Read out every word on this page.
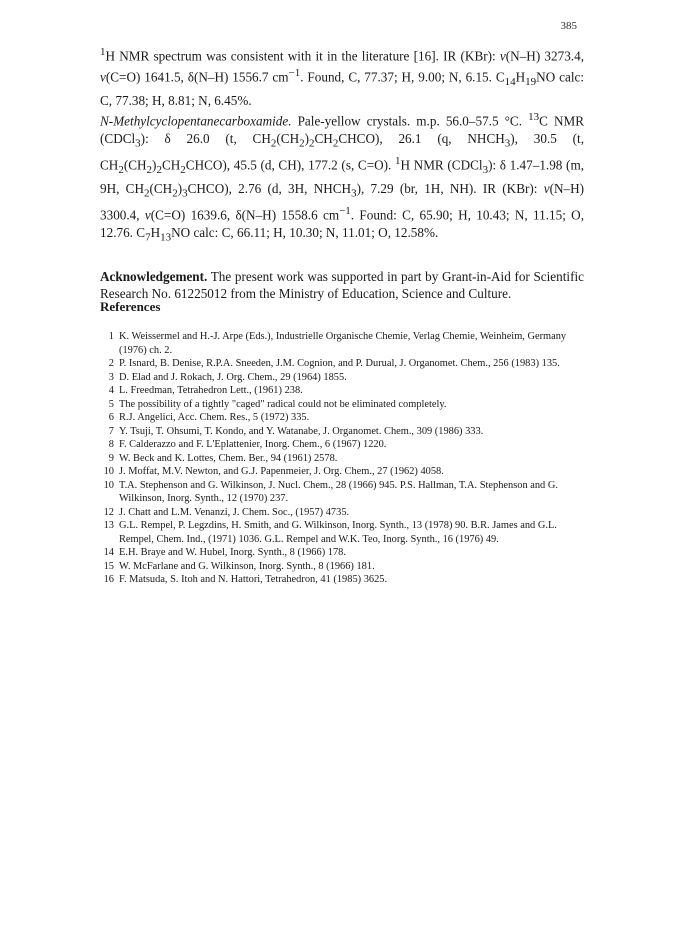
385

$^1$H NMR spectrum was consistent with it in the literature [16]. IR (KBr): ν(N–H) 3273.4, ν(C=O) 1641.5, δ(N–H) 1556.7 $cm^{-1}$. Found, C, 77.37; H, 9.00; N, 6.15. $C_{14}H_{19}NO$ calc: C, 77.38; H, 8.81; N, 6.45%.

N-Methylcyclopentanecarboxamide. Pale-yellow crystals. m.p. 56.0–57.5 °C. $^{13}$C NMR (CDCl$_3$): δ 26.0 (t, $CH_2(CH_2)_2CH_2CHCO$), 26.1 (q, $NHCH_3$), 30.5 (t, $CH_2(CH_2)_2CH_2CHCO$), 45.5 (d, CH), 177.2 (s, C=O). $^1$H NMR (CDCl$_3$): δ 1.47–1.98 (m, 9H, $CH_2(CH_2)_3CHCO$), 2.76 (d, 3H, $NHCH_3$), 7.29 (br, 1H, NH). IR (KBr): ν(N–H) 3300.4, ν(C=O) 1639.6, δ(N–H) 1558.6 $cm^{-1}$. Found: C, 65.90; H, 10.43; N, 11.15; O, 12.76. $C_7H_{13}NO$ calc: C, 66.11; H, 10.30; N, 11.01; O, 12.58%.

Acknowledgement. The present work was supported in part by Grant-in-Aid for Scientific Research No. 61225012 from the Ministry of Education, Science and Culture.

References
1 K. Weissermel and H.-J. Arpe (Eds.), Industrielle Organische Chemie, Verlag Chemie, Weinheim, Germany (1976) ch. 2.
2 P. Isnard, B. Denise, R.P.A. Sneeden, J.M. Cognion, and P. Durual, J. Organomet. Chem., 256 (1983) 135.
3 D. Elad and J. Rokach, J. Org. Chem., 29 (1964) 1855.
4 L. Freedman, Tetrahedron Lett., (1961) 238.
5 The possibility of a tightly "caged" radical could not be eliminated completely.
6 R.J. Angelici, Acc. Chem. Res., 5 (1972) 335.
7 Y. Tsuji, T. Ohsumi, T. Kondo, and Y. Watanabe, J. Organomet. Chem., 309 (1986) 333.
8 F. Calderazzo and F. L'Eplattenier, Inorg. Chem., 6 (1967) 1220.
9 W. Beck and K. Lottes, Chem. Ber., 94 (1961) 2578.
10 J. Moffat, M.V. Newton, and G.J. Papenmeier, J. Org. Chem., 27 (1962) 4058.
10 T.A. Stephenson and G. Wilkinson, J. Nucl. Chem., 28 (1966) 945. P.S. Hallman, T.A. Stephenson and G. Wilkinson, Inorg. Synth., 12 (1970) 237.
12 J. Chatt and L.M. Venanzi, J. Chem. Soc., (1957) 4735.
13 G.L. Rempel, P. Legzdins, H. Smith, and G. Wilkinson, Inorg. Synth., 13 (1978) 90. B.R. James and G.L. Rempel, Chem. Ind., (1971) 1036. G.L. Rempel and W.K. Teo, Inorg. Synth., 16 (1976) 49.
14 E.H. Braye and W. Hubel, Inorg. Synth., 8 (1966) 178.
15 W. McFarlane and G. Wilkinson, Inorg. Synth., 8 (1966) 181.
16 F. Matsuda, S. Itoh and N. Hattori, Tetrahedron, 41 (1985) 3625.
